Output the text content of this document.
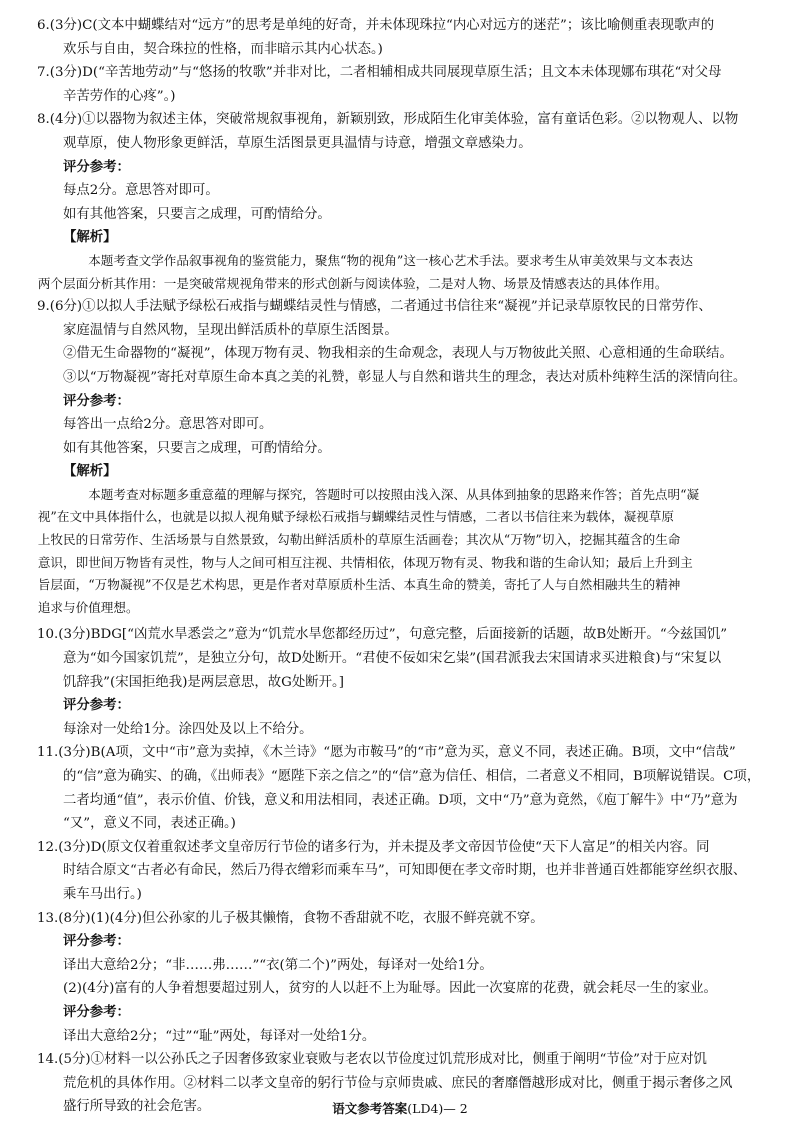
6.(3分)C(文本中蝴蝶结对“远方”的思考是单纯的好奇，并未体现珠拉“内心对远方的迷茫”；该比喻侧重表现歌声的
欢乐与自由，契合珠拉的性格，而非暗示其内心状态。)
7.(3分)D(“辛苦地劳动”与“悠扬的牧歌”并非对比，二者相辅相成共同展现草原生活；且文本未体现娜布琪花“对父母
辛苦劳作的心疼”。)
8.(4分)①以器物为叙述主体，突破常规叙事视角，新颖别致，形成陌生化审美体验，富有童话色彩。②以物观人、以物
观草原，使人物形象更鲜活，草原生活图景更具温情与诗意，增强文章感染力。
评分参考：
每点2分。意思答对即可。
如有其他答案，只要言之成理，可酌情给分。
【解析】
本题考查文学作品叙事视角的鉴赏能力，聚焦“物的视角”这一核心艺术手法。要求考生从审美效果与文本表达
两个层面分析其作用：一是突破常规视角带来的形式创新与阅读体验，二是对人物、场景及情感表达的具体作用。
9.(6分)①以拟人手法赋予绿松石戒指与蝴蝶结灵性与情感，二者通过书信往来“凝视”并记录草原牧民的日常劳作、
家庭温情与自然风物，呈现出鲜活质朴的草原生活图景。
②借无生命器物的“凝视”，体现万物有灵、物我相亲的生命观念，表现人与万物彼此关照、心意相通的生命联结。
③以“万物凝视”寄托对草原生命本真之美的礼赞，彰显人与自然和谐共生的理念，表达对质朴纯粹生活的深情向往。
评分参考：
每答出一点给2分。意思答对即可。
如有其他答案，只要言之成理，可酌情给分。
【解析】
本题考查对标题多重意蕴的理解与探究，答题时可以按照由浅入深、从具体到抽象的思路来作答；首先点明“凝
视”在文中具体指什么，也就是以拟人视角赋予绿松石戒指与蝴蝶结灵性与情感，二者以书信往来为载体，凝视草原
上牧民的日常劳作、生活场景与自然景致，勾勒出鲜活质朴的草原生活画卷；其次从“万物”切入，挖掘其蕴含的生命
意识，即世间万物皆有灵性，物与人之间可相互注视、共情相依，体现万物有灵、物我和谐的生命认知；最后上升到主
旨层面，“万物凝视”不仅是艺术构思，更是作者对草原质朴生活、本真生命的赞美，寄托了人与自然相融共生的精神
追求与价值理想。
10.(3分)BDG[“凶荒水旱悉尝之”意为“饥荒水旱您都经历过”，句意完整，后面接新的话题，故B处断开。“今兹国饥”
意为“如今国家饥荒”，是独立分句，故D处断开。“君使不佞如宋乞粜”(国君派我去宋国请求买进粮食)与“宋复以
饥辞我”(宋国拒绝我)是两层意思，故G处断开。]
评分参考：
每涂对一处给1分。涂四处及以上不给分。
11.(3分)B(A项，文中“市”意为卖掉，《木兰诗》“愿为市鞍马”的“市”意为买，意义不同，表述正确。B项，文中“信哉”
的“信”意为确实、的确，《出师表》“愿陛下亲之信之”的“信”意为信任、相信，二者意义不相同，B项解说错误。C项，
二者均通“值”，表示价值、价钱，意义和用法相同，表述正确。D项，文中“乃”意为竟然，《庖丁解牛》中“乃”意为
“又”，意义不同，表述正确。)
12.(3分)D(原文仅着重叙述孝文皇帝厉行节俭的诸多行为，并未提及孝文帝因节俭使“天下人富足”的相关内容。同
时结合原文“古者必有命民，然后乃得衣缯彩而乘车马”，可知即便在孝文帝时期，也并非普通百姓都能穿丝织衣服、
乘车马出行。)
13.(8分)(1)(4分)但公孙家的儿子极其懒惰，食物不香甜就不吃，衣服不鲜亮就不穿。
评分参考：
译出大意给2分；“非……弗……”“衣(第二个)”两处，每译对一处给1分。
(2)(4分)富有的人争着想要超过别人，贫穷的人以赶不上为耻辱。因此一次宴席的花费，就会耗尽一生的家业。
评分参考：
译出大意给2分；“过”“耻”两处，每译对一处给1分。
14.(5分)①材料一以公孙氏之子因奢侈致家业衰败与老农以节俭度过饥荒形成对比，侧重于阐明“节俭”对于应对饥
荒危机的具体作用。②材料二以孝文皇帝的躬行节俭与京师贵戚、庶民的奢靡僭越形成对比，侧重于揭示奢侈之风
盛行所导致的社会危害。	语文参考答案(LD4)— 2
